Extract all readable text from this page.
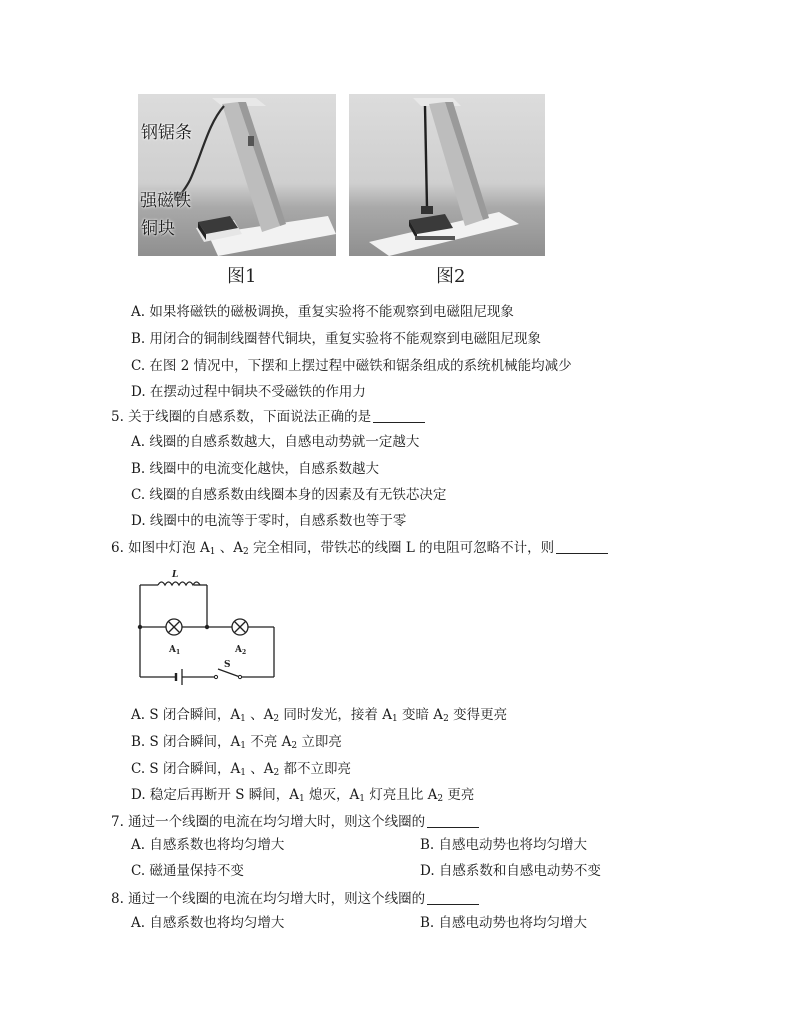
钢锯条
强磁铁
铜块
图1	图2
A. 如果将磁铁的磁极调换，重复实验将不能观察到电磁阻尼现象
B. 用闭合的铜制线圈替代铜块，重复实验将不能观察到电磁阻尼现象
C. 在图 2 情况中，下摆和上摆过程中磁铁和锯条组成的系统机械能均减少
D. 在摆动过程中铜块不受磁铁的作用力
5. 关于线圈的自感系数，下面说法正确的是
A. 线圈的自感系数越大，自感电动势就一定越大
B. 线圈中的电流变化越快，自感系数越大
C. 线圈的自感系数由线圈本身的因素及有无铁芯决定
D. 线圈中的电流等于零时，自感系数也等于零
6. 如图中灯泡 $A_1$ 、$A_2$ 完全相同，带铁芯的线圈 L 的电阻可忽略不计，则
L
$A_1$	$A_2$
S
A. S 闭合瞬间，$A_1$ 、$A_2$ 同时发光，接着 $A_1$ 变暗 $A_2$ 变得更亮
B. S 闭合瞬间，$A_1$ 不亮 $A_2$ 立即亮
C. S 闭合瞬间，$A_1$ 、$A_2$ 都不立即亮
D. 稳定后再断开 S 瞬间，$A_1$ 熄灭，$A_1$ 灯亮且比 $A_2$ 更亮
7. 通过一个线圈的电流在均匀增大时，则这个线圈的
A. 自感系数也将均匀增大	B. 自感电动势也将均匀增大
C. 磁通量保持不变	D. 自感系数和自感电动势不变
8. 通过一个线圈的电流在均匀增大时，则这个线圈的
A. 自感系数也将均匀增大	B. 自感电动势也将均匀增大
